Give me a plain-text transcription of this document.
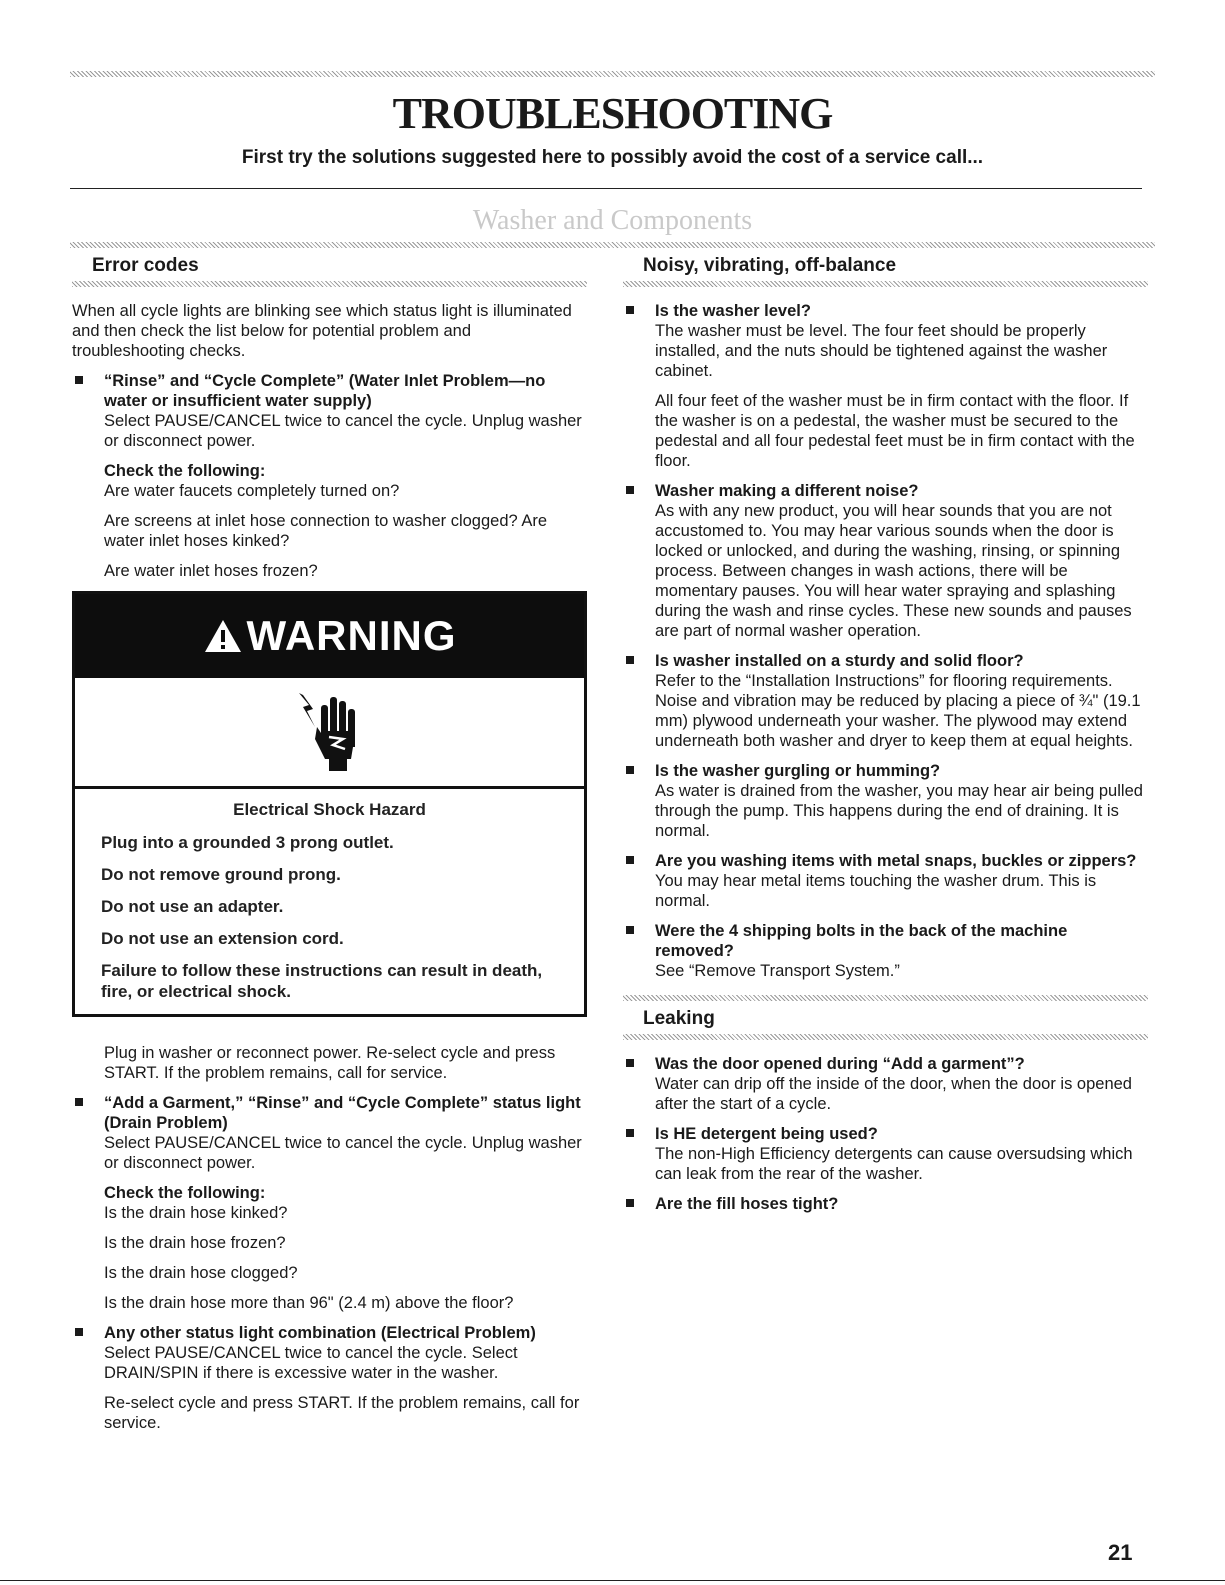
TROUBLESHOOTING
First try the solutions suggested here to possibly avoid the cost of a service call...
Washer and Components
Error codes

When all cycle lights are blinking see which status light is illuminated and then check the list below for potential problem and troubleshooting checks.

“Rinse” and “Cycle Complete” (Water Inlet Problem—no water or insufficient water supply)

Select PAUSE/CANCEL twice to cancel the cycle. Unplug washer or disconnect power.

Check the following:

Are water faucets completely turned on?

Are screens at inlet hose connection to washer clogged? Are water inlet hoses kinked?

Are water inlet hoses frozen?

WARNING
Electrical Shock Hazard
Plug into a grounded 3 prong outlet.
Do not remove ground prong.
Do not use an adapter.
Do not use an extension cord.
Failure to follow these instructions can result in death, fire, or electrical shock.

Plug in washer or reconnect power. Re-select cycle and press START. If the problem remains, call for service.

“Add a Garment,” “Rinse” and “Cycle Complete” status light (Drain Problem)

Select PAUSE/CANCEL twice to cancel the cycle. Unplug washer or disconnect power.

Check the following:

Is the drain hose kinked?

Is the drain hose frozen?

Is the drain hose clogged?

Is the drain hose more than 96" (2.4 m) above the floor?

Any other status light combination (Electrical Problem)

Select PAUSE/CANCEL twice to cancel the cycle. Select DRAIN/SPIN if there is excessive water in the washer.

Re-select cycle and press START. If the problem remains, call for service.

Noisy, vibrating, off-balance
Is the washer level?

The washer must be level. The four feet should be properly installed, and the nuts should be tightened against the washer cabinet.

All four feet of the washer must be in firm contact with the floor. If the washer is on a pedestal, the washer must be secured to the pedestal and all four pedestal feet must be in firm contact with the floor.

Washer making a different noise?

As with any new product, you will hear sounds that you are not accustomed to. You may hear various sounds when the door is locked or unlocked, and during the washing, rinsing, or spinning process. Between changes in wash actions, there will be momentary pauses. You will hear water spraying and splashing during the wash and rinse cycles. These new sounds and pauses are part of normal washer operation.

Is washer installed on a sturdy and solid floor?

Refer to the “Installation Instructions” for flooring requirements. Noise and vibration may be reduced by placing a piece of ¾" (19.1 mm) plywood underneath your washer. The plywood may extend underneath both washer and dryer to keep them at equal heights.

Is the washer gurgling or humming?

As water is drained from the washer, you may hear air being pulled through the pump. This happens during the end of draining. It is normal.

Are you washing items with metal snaps, buckles or zippers?

You may hear metal items touching the washer drum. This is normal.

Were the 4 shipping bolts in the back of the machine removed?

See “Remove Transport System.”

Leaking
Was the door opened during “Add a garment”?

Water can drip off the inside of the door, when the door is opened after the start of a cycle.

Is HE detergent being used?

The non-High Efficiency detergents can cause oversudsing which can leak from the rear of the washer.

Are the fill hoses tight?
21
